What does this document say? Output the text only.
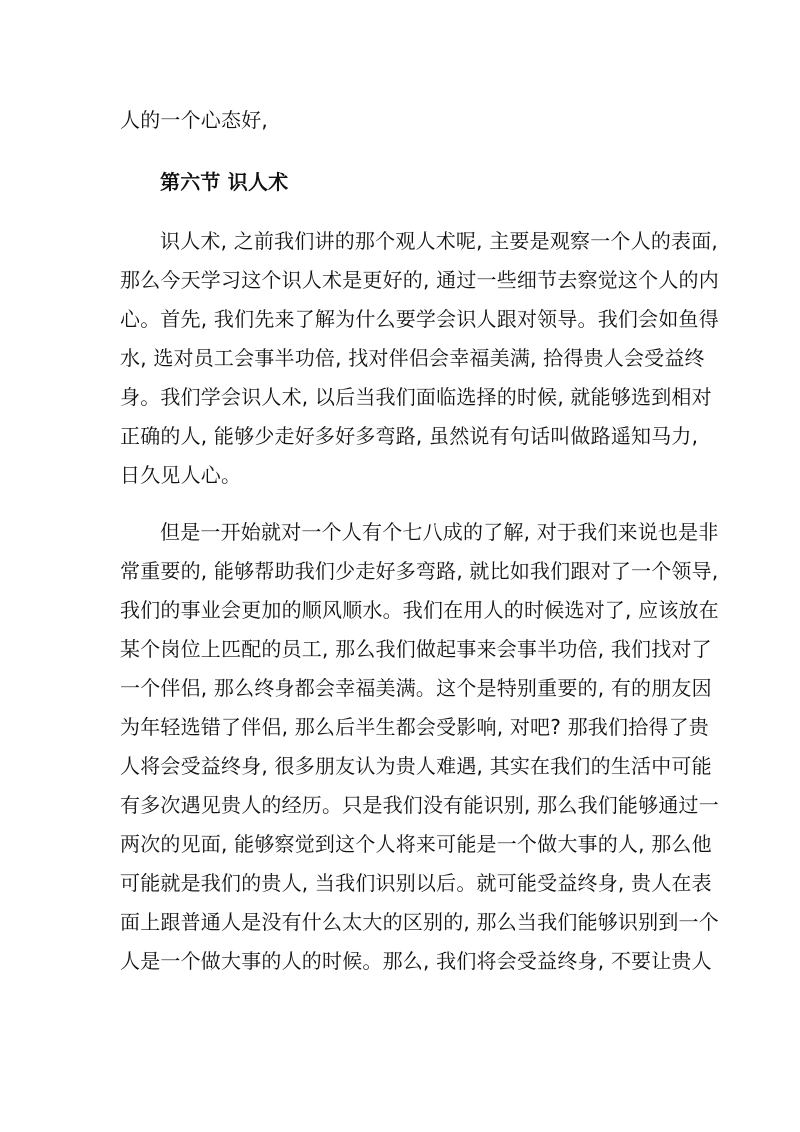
人的一个心态好,
第六节 识人术
识人术, 之前我们讲的那个观人术呢, 主要是观察一个人的表面,
那么今天学习这个识人术是更好的, 通过一些细节去察觉这个人的内
心。首先, 我们先来了解为什么要学会识人跟对领导。我们会如鱼得
水, 选对员工会事半功倍, 找对伴侣会幸福美满, 拾得贵人会受益终
身。我们学会识人术, 以后当我们面临选择的时候, 就能够选到相对
正确的人, 能够少走好多好多弯路, 虽然说有句话叫做路遥知马力,
日久见人心。
但是一开始就对一个人有个七八成的了解, 对于我们来说也是非
常重要的, 能够帮助我们少走好多弯路, 就比如我们跟对了一个领导,
我们的事业会更加的顺风顺水。我们在用人的时候选对了, 应该放在
某个岗位上匹配的员工, 那么我们做起事来会事半功倍, 我们找对了
一个伴侣, 那么终身都会幸福美满。这个是特别重要的, 有的朋友因
为年轻选错了伴侣, 那么后半生都会受影响, 对吧? 那我们拾得了贵
人将会受益终身, 很多朋友认为贵人难遇, 其实在我们的生活中可能
有多次遇见贵人的经历。只是我们没有能识别, 那么我们能够通过一
两次的见面, 能够察觉到这个人将来可能是一个做大事的人, 那么他
可能就是我们的贵人, 当我们识别以后。就可能受益终身, 贵人在表
面上跟普通人是没有什么太大的区别的, 那么当我们能够识别到一个
人是一个做大事的人的时候。那么, 我们将会受益终身, 不要让贵人
